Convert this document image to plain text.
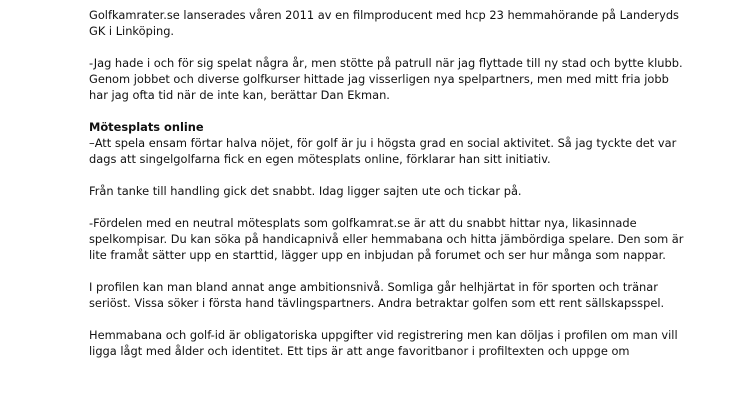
Golfkamrater.se lanserades våren 2011 av en filmproducent med hcp 23 hemmahörande på Landeryds GK i Linköping.

-Jag hade i och för sig spelat några år, men stötte på patrull när jag flyttade till ny stad och bytte klubb. Genom jobbet och diverse golfkurser hittade jag visserligen nya spelpartners, men med mitt fria jobb har jag ofta tid när de inte kan, berättar Dan Ekman.

Mötesplats online

–Att spela ensam förtar halva nöjet, för golf är ju i högsta grad en social aktivitet. Så jag tyckte det var dags att singelgolfarna fick en egen mötesplats online, förklarar han sitt initiativ.

Från tanke till handling gick det snabbt. Idag ligger sajten ute och tickar på.

-Fördelen med en neutral mötesplats som golfkamrat.se är att du snabbt hittar nya, likasinnade spelkompisar. Du kan söka på handicapnivå eller hemmabana och hitta jämbördiga spelare. Den som är lite framåt sätter upp en starttid, lägger upp en inbjudan på forumet och ser hur många som nappar.

I profilen kan man bland annat ange ambitionsnivå. Somliga går helhjärtat in för sporten och tränar seriöst. Vissa söker i första hand tävlingspartners. Andra betraktar golfen som ett rent sällskapsspel.

Hemmabana och golf-id är obligatoriska uppgifter vid registrering men kan döljas i profilen om man vill ligga lågt med ålder och identitet. Ett tips är att ange favoritbanor i profiltexten och uppge om
